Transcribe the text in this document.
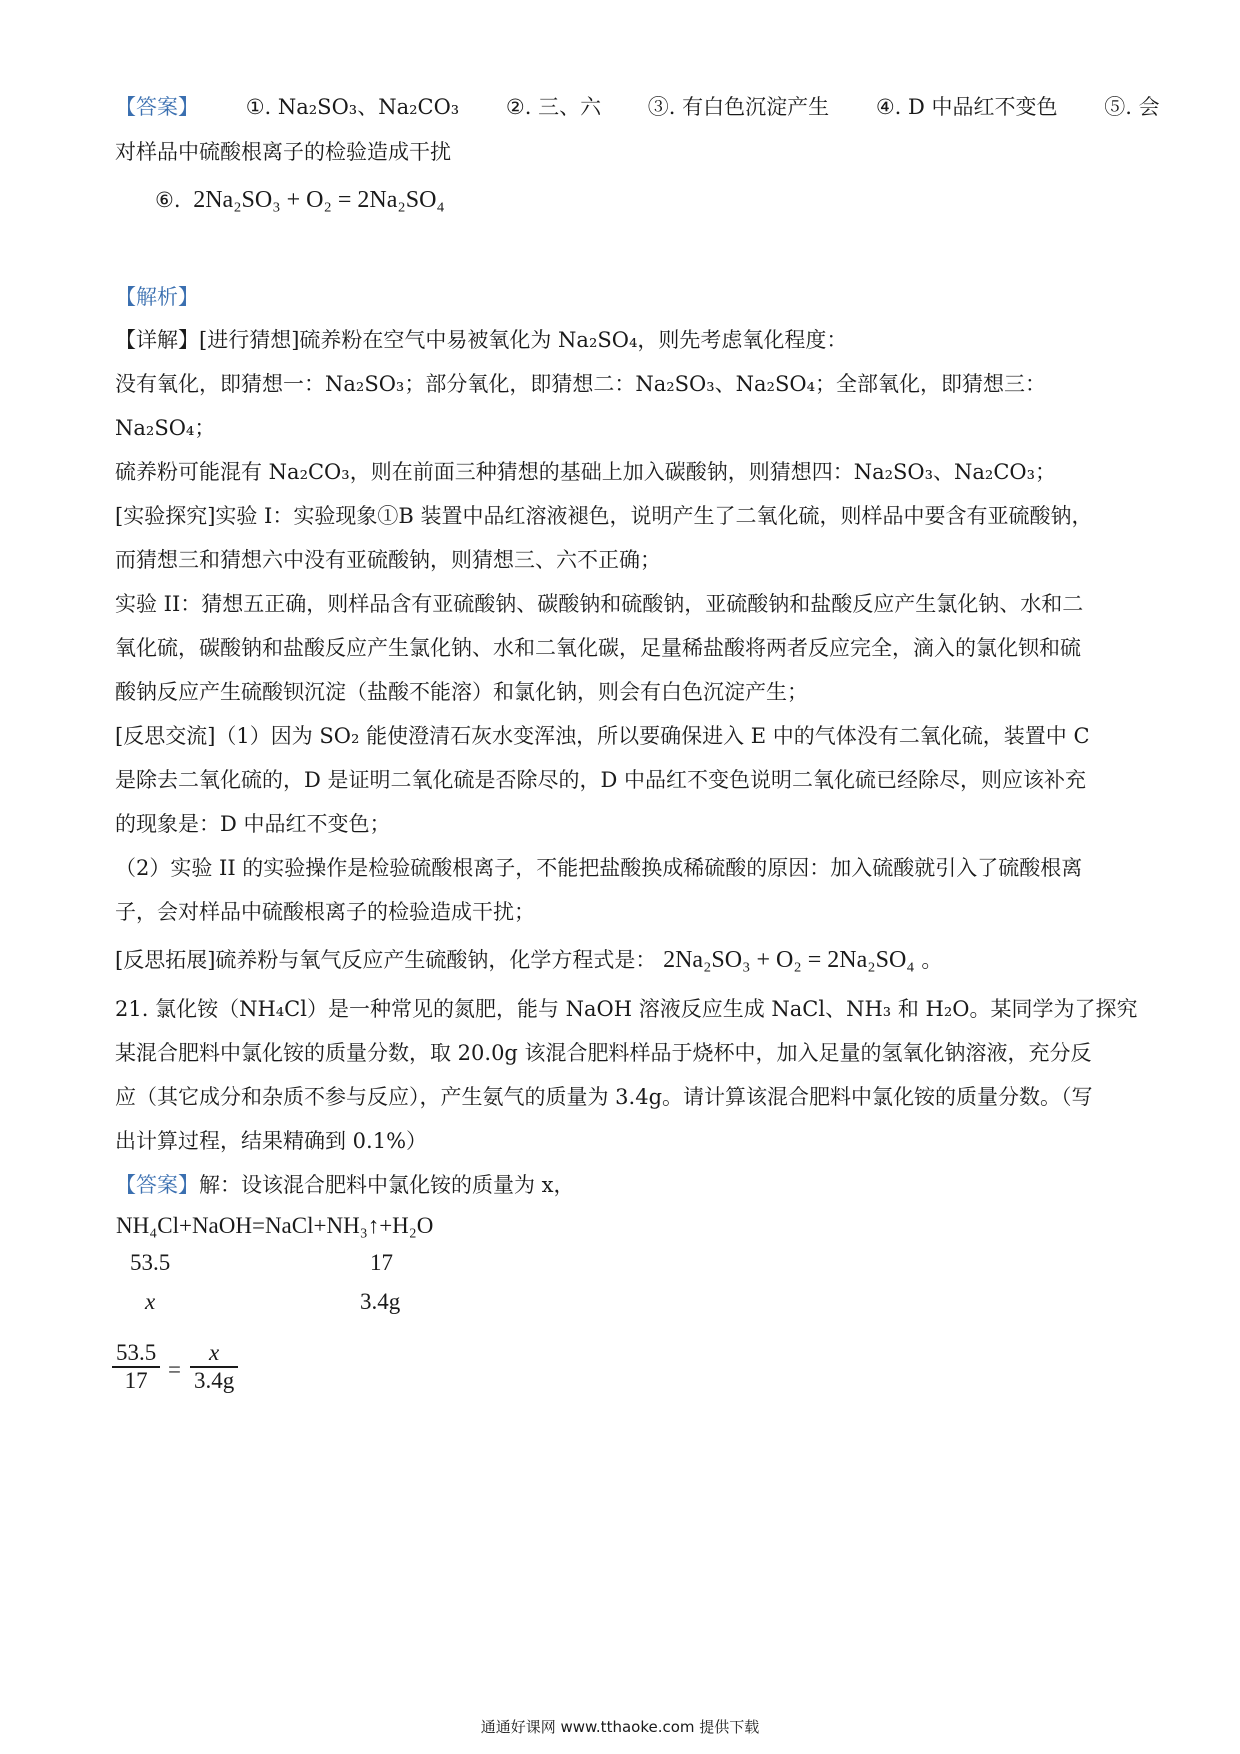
【答案】 ①. Na₂SO₃、Na₂CO₃ ②. 三、六 ③. 有白色沉淀产生 ④. D 中品红不变色 ⑤. 会
对样品中硫酸根离子的检验造成干扰
⑥. 2Na₂SO₃ + O₂ = 2Na₂SO₄
【解析】
【详解】[进行猜想]硫养粉在空气中易被氧化为 Na₂SO₄，则先考虑氧化程度：
没有氧化，即猜想一：Na₂SO₃；部分氧化，即猜想二：Na₂SO₃、Na₂SO₄；全部氧化，即猜想三：
Na₂SO₄；
硫养粉可能混有 Na₂CO₃，则在前面三种猜想的基础上加入碳酸钠，则猜想四：Na₂SO₃、Na₂CO₃；
[实验探究]实验 I：实验现象①B 装置中品红溶液褪色，说明产生了二氧化硫，则样品中要含有亚硫酸钠，
而猜想三和猜想六中没有亚硫酸钠，则猜想三、六不正确；
实验 II：猜想五正确，则样品含有亚硫酸钠、碳酸钠和硫酸钠，亚硫酸钠和盐酸反应产生氯化钠、水和二
氧化硫，碳酸钠和盐酸反应产生氯化钠、水和二氧化碳，足量稀盐酸将两者反应完全，滴入的氯化钡和硫
酸钠反应产生硫酸钡沉淀（盐酸不能溶）和氯化钠，则会有白色沉淀产生；
[反思交流]（1）因为 SO₂ 能使澄清石灰水变浑浊，所以要确保进入 E 中的气体没有二氧化硫，装置中 C
是除去二氧化硫的，D 是证明二氧化硫是否除尽的，D 中品红不变色说明二氧化硫已经除尽，则应该补充
的现象是：D 中品红不变色；
（2）实验 II 的实验操作是检验硫酸根离子，不能把盐酸换成稀硫酸的原因：加入硫酸就引入了硫酸根离
子，会对样品中硫酸根离子的检验造成干扰；
[反思拓展]硫养粉与氧气反应产生硫酸钠，化学方程式是： 2Na₂SO₃ + O₂ = 2Na₂SO₄ 。
21. 氯化铵（NH₄Cl）是一种常见的氮肥，能与 NaOH 溶液反应生成 NaCl、NH₃ 和 H₂O。某同学为了探究
某混合肥料中氯化铵的质量分数，取 20.0g 该混合肥料样品于烧杯中，加入足量的氢氧化钠溶液，充分反
应（其它成分和杂质不参与反应），产生氨气的质量为 3.4g。请计算该混合肥料中氯化铵的质量分数。（写
出计算过程，结果精确到 0.1%）
【答案】解：设该混合肥料中氯化铵的质量为 x，
NH₄Cl+NaOH=NaCl+NH₃↑+H₂O
53.5	17
x	3.4g
$\frac{53.5}{17} = \frac{x}{3.4g}$
通通好课网 www.tthaoke.com 提供下载
